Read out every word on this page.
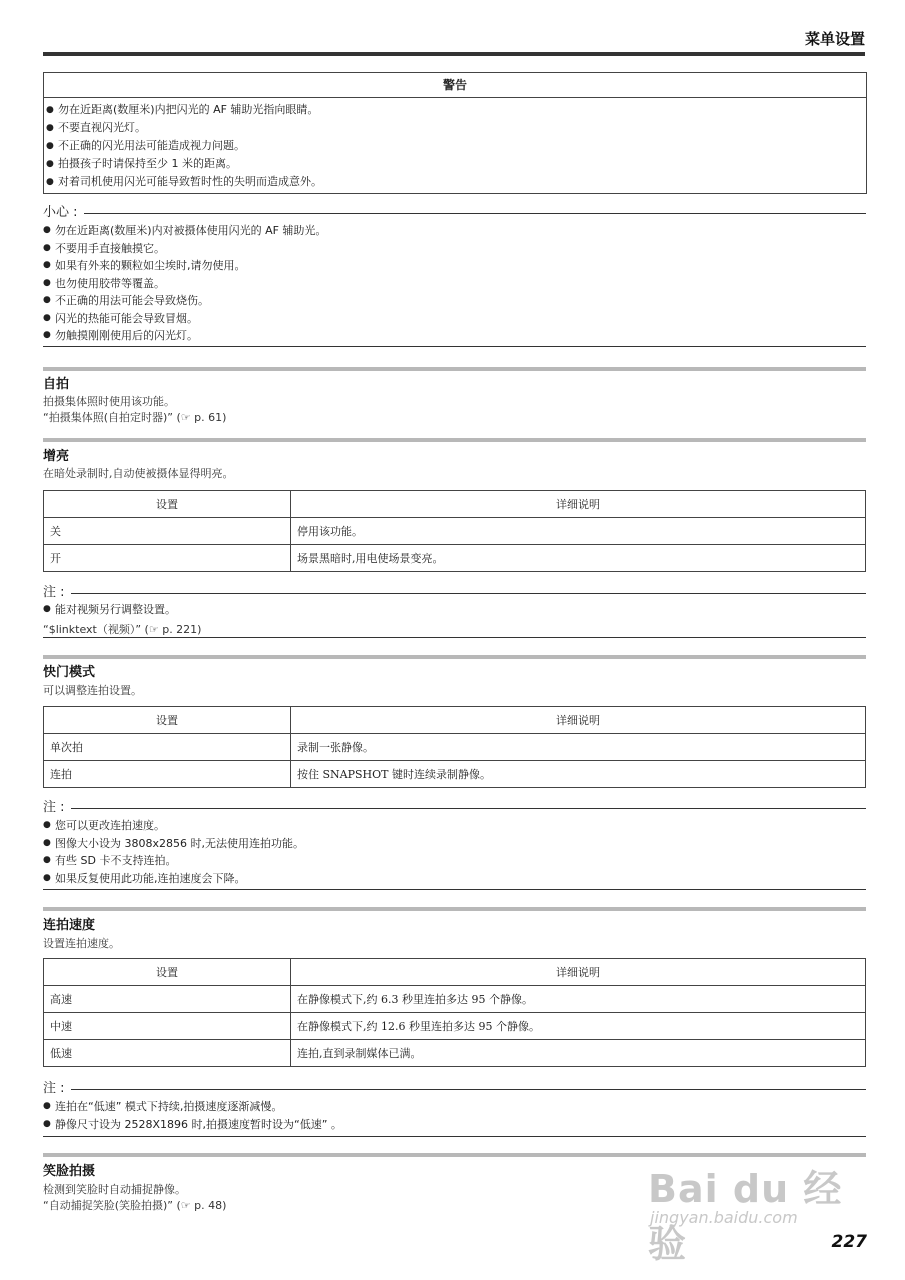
菜单设置
警告
● 勿在近距离(数厘米)内把闪光的 AF 辅助光指向眼睛。
● 不要直视闪光灯。
● 不正确的闪光用法可能造成视力问题。
● 拍摄孩子时请保持至少 1 米的距离。
● 对着司机使用闪光可能导致暂时性的失明而造成意外。
小心 :
● 勿在近距离(数厘米)内对被摄体使用闪光的 AF 辅助光。
● 不要用手直接触摸它。
● 如果有外来的颗粒如尘埃时,请勿使用。
● 也勿使用胶带等覆盖。
● 不正确的用法可能会导致烧伤。
● 闪光的热能可能会导致冒烟。
● 勿触摸刚刚使用后的闪光灯。
自拍
拍摄集体照时使用该功能。
“拍摄集体照(自拍定时器)” (☞ p. 61)
增亮
在暗处录制时,自动使被摄体显得明亮。
设置	详细说明
关	停用该功能。
开	场景黑暗时,用电使场景变亮。
注 :
● 能对视频另行调整设置。
“$linktext（视频）” (☞ p. 221)
快门模式
可以调整连拍设置。
设置	详细说明
单次拍	录制一张静像。
连拍	按住 SNAPSHOT 键时连续录制静像。
注 :
● 您可以更改连拍速度。
● 图像大小设为 3808x2856 时,无法使用连拍功能。
● 有些 SD 卡不支持连拍。
● 如果反复使用此功能,连拍速度会下降。
连拍速度
设置连拍速度。
设置	详细说明
高速	在静像模式下,约 6.3 秒里连拍多达 95 个静像。
中速	在静像模式下,约 12.6 秒里连拍多达 95 个静像。
低速	连拍,直到录制媒体已满。
注 :
● 连拍在“低速” 模式下持续,拍摄速度逐渐减慢。
● 静像尺寸设为 2528X1896 时,拍摄速度暂时设为“低速” 。
笑脸拍摄
检测到笑脸时自动捕捉静像。
“自动捕捉笑脸(笑脸拍摄)” (☞ p. 48)	Bai du 经验
jingyan.baidu.com
227
